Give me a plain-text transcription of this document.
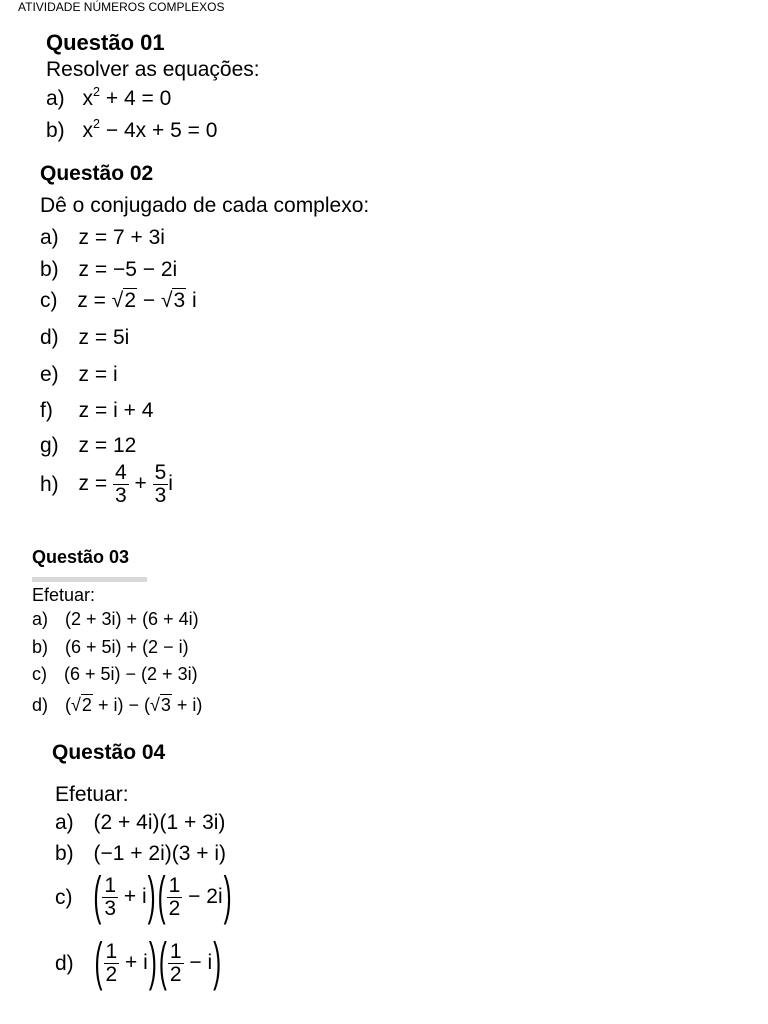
ATIVIDADE NÚMEROS COMPLEXOS
Questão 01
Resolver as equações:
a) $x^2 + 4 = 0$
b) $x^2 - 4x + 5 = 0$
Questão 02
Dê o conjugado de cada complexo:
a) z = 7 + 3i
b) z = −5 − 2i
c) z = √2 − √3 i
d) z = 5i
e) z = i
f) z = i + 4
g) z = 12
h) $z = \frac{4}{3} + \frac{5}{3}$ i
Questão 03
Efetuar:
a) (2 + 3i) + (6 + 4i)
b) (6 + 5i) + (2 − i)
c) (6 + 5i) − (2 + 3i)
d) (√2 + i) − (√3 + i)
Questão 04
Efetuar:
a) (2 + 4i)(1 + 3i)
b) (−1 + 2i)(3 + i)
c) ( $\frac{1}{3} + i)( \frac{1}{2} - 2i)$
d) ( $\frac{1}{2} + i)( \frac{1}{2} - i)$
